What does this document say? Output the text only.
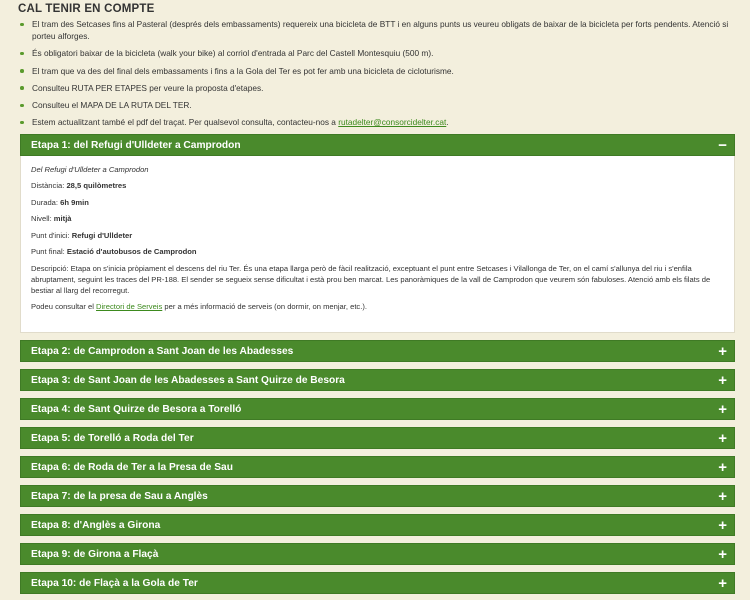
CAL TENIR EN COMPTE
El tram des Setcases fins al Pasteral (després dels embassaments) requereix una bicicleta de BTT i en alguns punts us veureu obligats de baixar de la bicicleta per forts pendents. Atenció si porteu alforges.
És obligatori baixar de la bicicleta (walk your bike) al corriol d'entrada al Parc del Castell Montesquiu (500 m).
El tram que va des del final dels embassaments i fins a la Gola del Ter es pot fer amb una bicicleta de cicloturisme.
Consulteu RUTA PER ETAPES per veure la proposta d'etapes.
Consulteu el MAPA DE LA RUTA DEL TER.
Estem actualitzant també el pdf del traçat. Per qualsevol consulta, contacteu-nos a rutadelter@consorcidelter.cat.
Etapa 1: del Refugi d'Ulldeter a Camprodon	−

Del Refugi d'Ulldeter a Camprodon

Distància: 28,5 quilòmetres

Durada: 6h 9min

Nivell: mitjà

Punt d'inici: Refugi d'Ulldeter

Punt final: Estació d'autobusos de Camprodon

Descripció: Etapa on s'inicia pròpiament el descens del riu Ter. És una etapa llarga però de fàcil realització, exceptuant el punt entre Setcases i Vilallonga de Ter, on el camí s'allunya del riu i s'enfila abruptament, seguint les traces del PR-188. El sender se segueix sense dificultat i està prou ben marcat. Les panoràmiques de la vall de Camprodon que veurem són fabuloses. Atenció amb els filats de bestiar al llarg del recorregut.

Podeu consultar el Directori de Serveis per a més informació de serveis (on dormir, on menjar, etc.).

Etapa 2: de Camprodon a Sant Joan de les Abadesses	+
Etapa 3: de Sant Joan de les Abadesses a Sant Quirze de Besora	+
Etapa 4: de Sant Quirze de Besora a Torelló	+
Etapa 5: de Torelló a Roda del Ter	+
Etapa 6: de Roda de Ter a la Presa de Sau	+
Etapa 7: de la presa de Sau a Anglès	+
Etapa 8: d'Anglès a Girona	+
Etapa 9: de Girona a Flaçà	+
Etapa 10: de Flaçà a la Gola de Ter	+
